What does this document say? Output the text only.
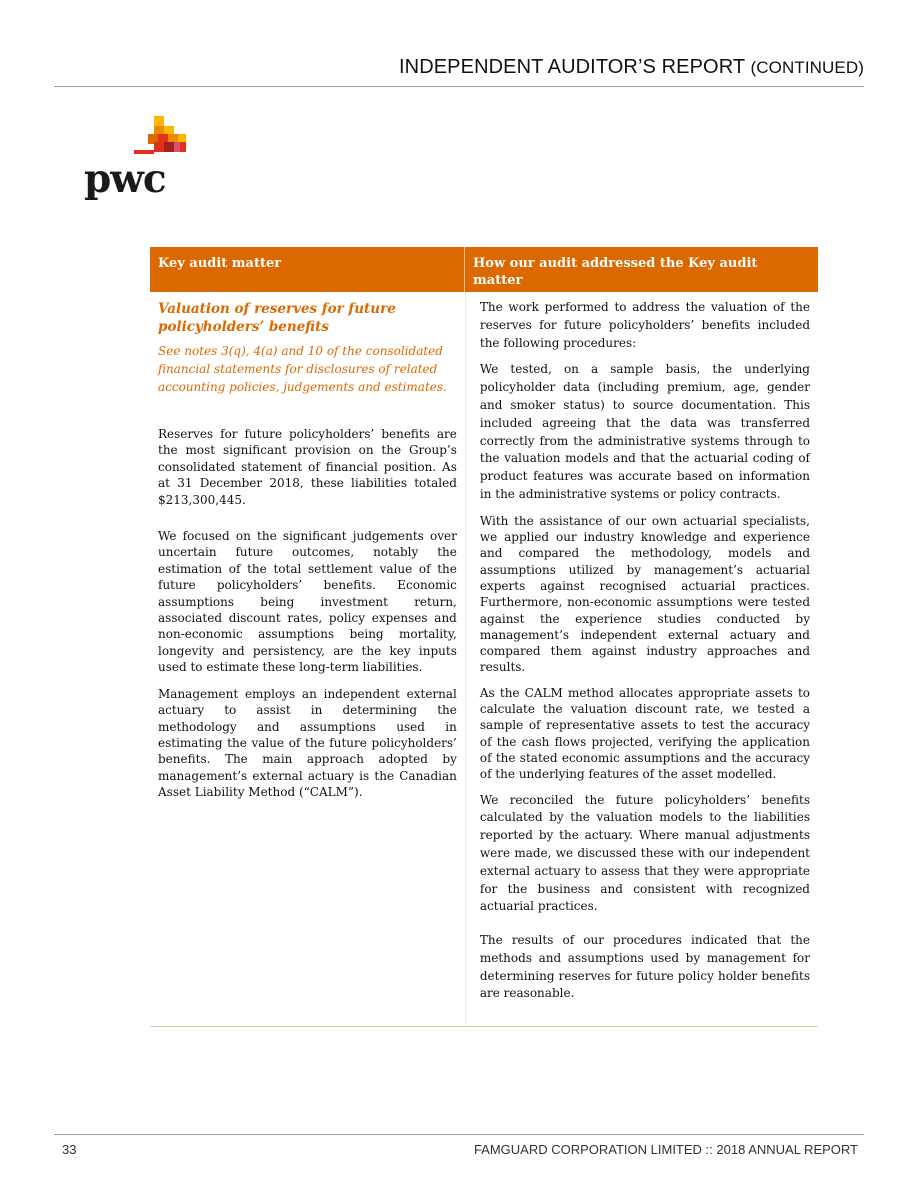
INDEPENDENT AUDITOR’S REPORT (CONTINUED)
pwc
Key audit matter	How our audit addressed the Key audit matter
Valuation of reserves for future policyholders’ benefits
See notes 3(q), 4(a) and 10 of the consolidated financial statements for disclosures of related accounting policies, judgements and estimates.

Reserves for future policyholders’ benefits are the most significant provision on the Group’s consolidated statement of financial position. As at 31 December 2018, these liabilities totaled $213,300,445.

We focused on the significant judgements over uncertain future outcomes, notably the estimation of the total settlement value of the future policyholders’ benefits. Economic assumptions being investment return, associated discount rates, policy expenses and non-economic assumptions being mortality, longevity and persistency, are the key inputs used to estimate these long-term liabilities.

Management employs an independent external actuary to assist in determining the methodology and assumptions used in estimating the value of the future policyholders’ benefits. The main approach adopted by management’s external actuary is the Canadian Asset Liability Method (“CALM”).

The work performed to address the valuation of the reserves for future policyholders’ benefits included the following procedures:

We tested, on a sample basis, the underlying policyholder data (including premium, age, gender and smoker status) to source documentation. This included agreeing that the data was transferred correctly from the administrative systems through to the valuation models and that the actuarial coding of product features was accurate based on information in the administrative systems or policy contracts.

With the assistance of our own actuarial specialists, we applied our industry knowledge and experience and compared the methodology, models and assumptions utilized by management’s actuarial experts against recognised actuarial practices. Furthermore, non-economic assumptions were tested against the experience studies conducted by management’s independent external actuary and compared them against industry approaches and results.

As the CALM method allocates appropriate assets to calculate the valuation discount rate, we tested a sample of representative assets to test the accuracy of the cash flows projected, verifying the application of the stated economic assumptions and the accuracy of the underlying features of the asset modelled.

We reconciled the future policyholders’ benefits calculated by the valuation models to the liabilities reported by the actuary. Where manual adjustments were made, we discussed these with our independent external actuary to assess that they were appropriate for the business and consistent with recognized actuarial practices.

The results of our procedures indicated that the methods and assumptions used by management for determining reserves for future policy holder benefits are reasonable.

33	FAMGUARD CORPORATION LIMITED :: 2018 ANNUAL REPORT
